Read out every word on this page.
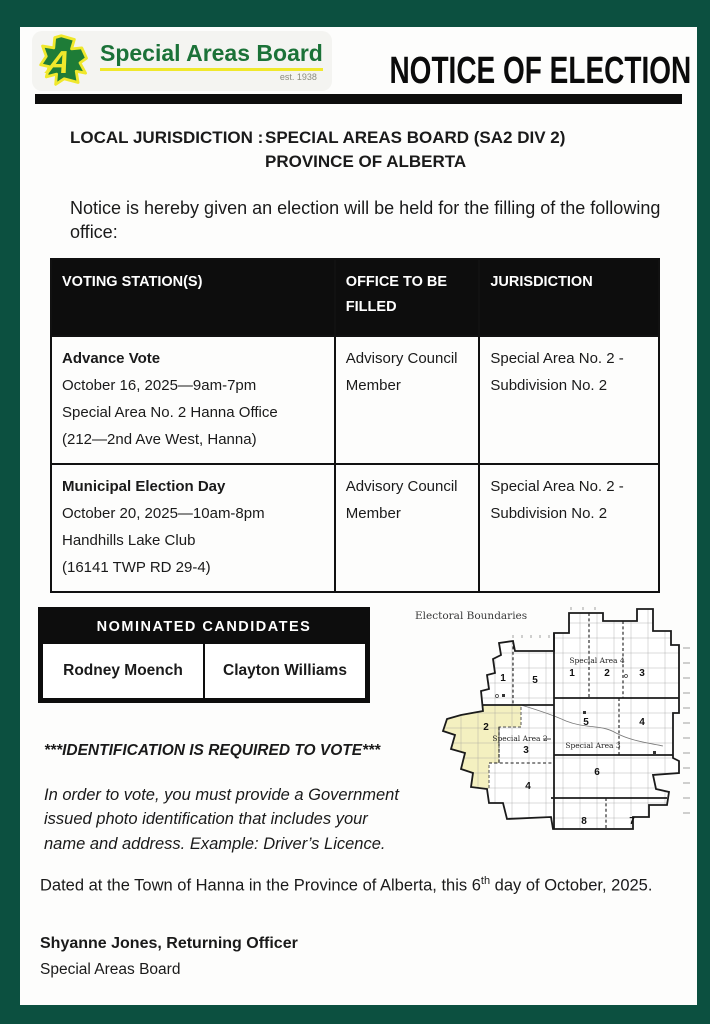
A Special Areas Board
est. 1938 NOTICE OF ELECTION
LOCAL JURISDICTION : SPECIAL AREAS BOARD (SA2 DIV 2)
PROVINCE OF ALBERTA

Notice is hereby given an election will be held for the filling of the following office:

VOTING STATION(S)	OFFICE TO BE FILLED	JURISDICTION

Advance Vote
October 16, 2025—9am-7pm
Special Area No. 2 Hanna Office
(212—2nd Ave West, Hanna)	Advisory Council Member	Special Area No. 2 - Subdivision No. 2

Municipal Election Day
October 20, 2025—10am-8pm
Handhills Lake Club
(16141 TWP RD 29-4)	Advisory Council Member	Special Area No. 2 - Subdivision No. 2
NOMINATED CANDIDATES
Rodney Moench	Clayton Williams
***IDENTIFICATION IS REQUIRED TO VOTE***
In order to vote, you must provide a Government issued photo identification that includes your name and address. Example: Driver’s Licence.
Electoral Boundaries
Special Area 4
Special Area 2
Special Area 3
1	5
2
3
4
1	2	3
5	4
6
8	7

Dated at the Town of Hanna in the Province of Alberta, this 6th day of October, 2025.

Shyanne Jones, Returning Officer

Special Areas Board
